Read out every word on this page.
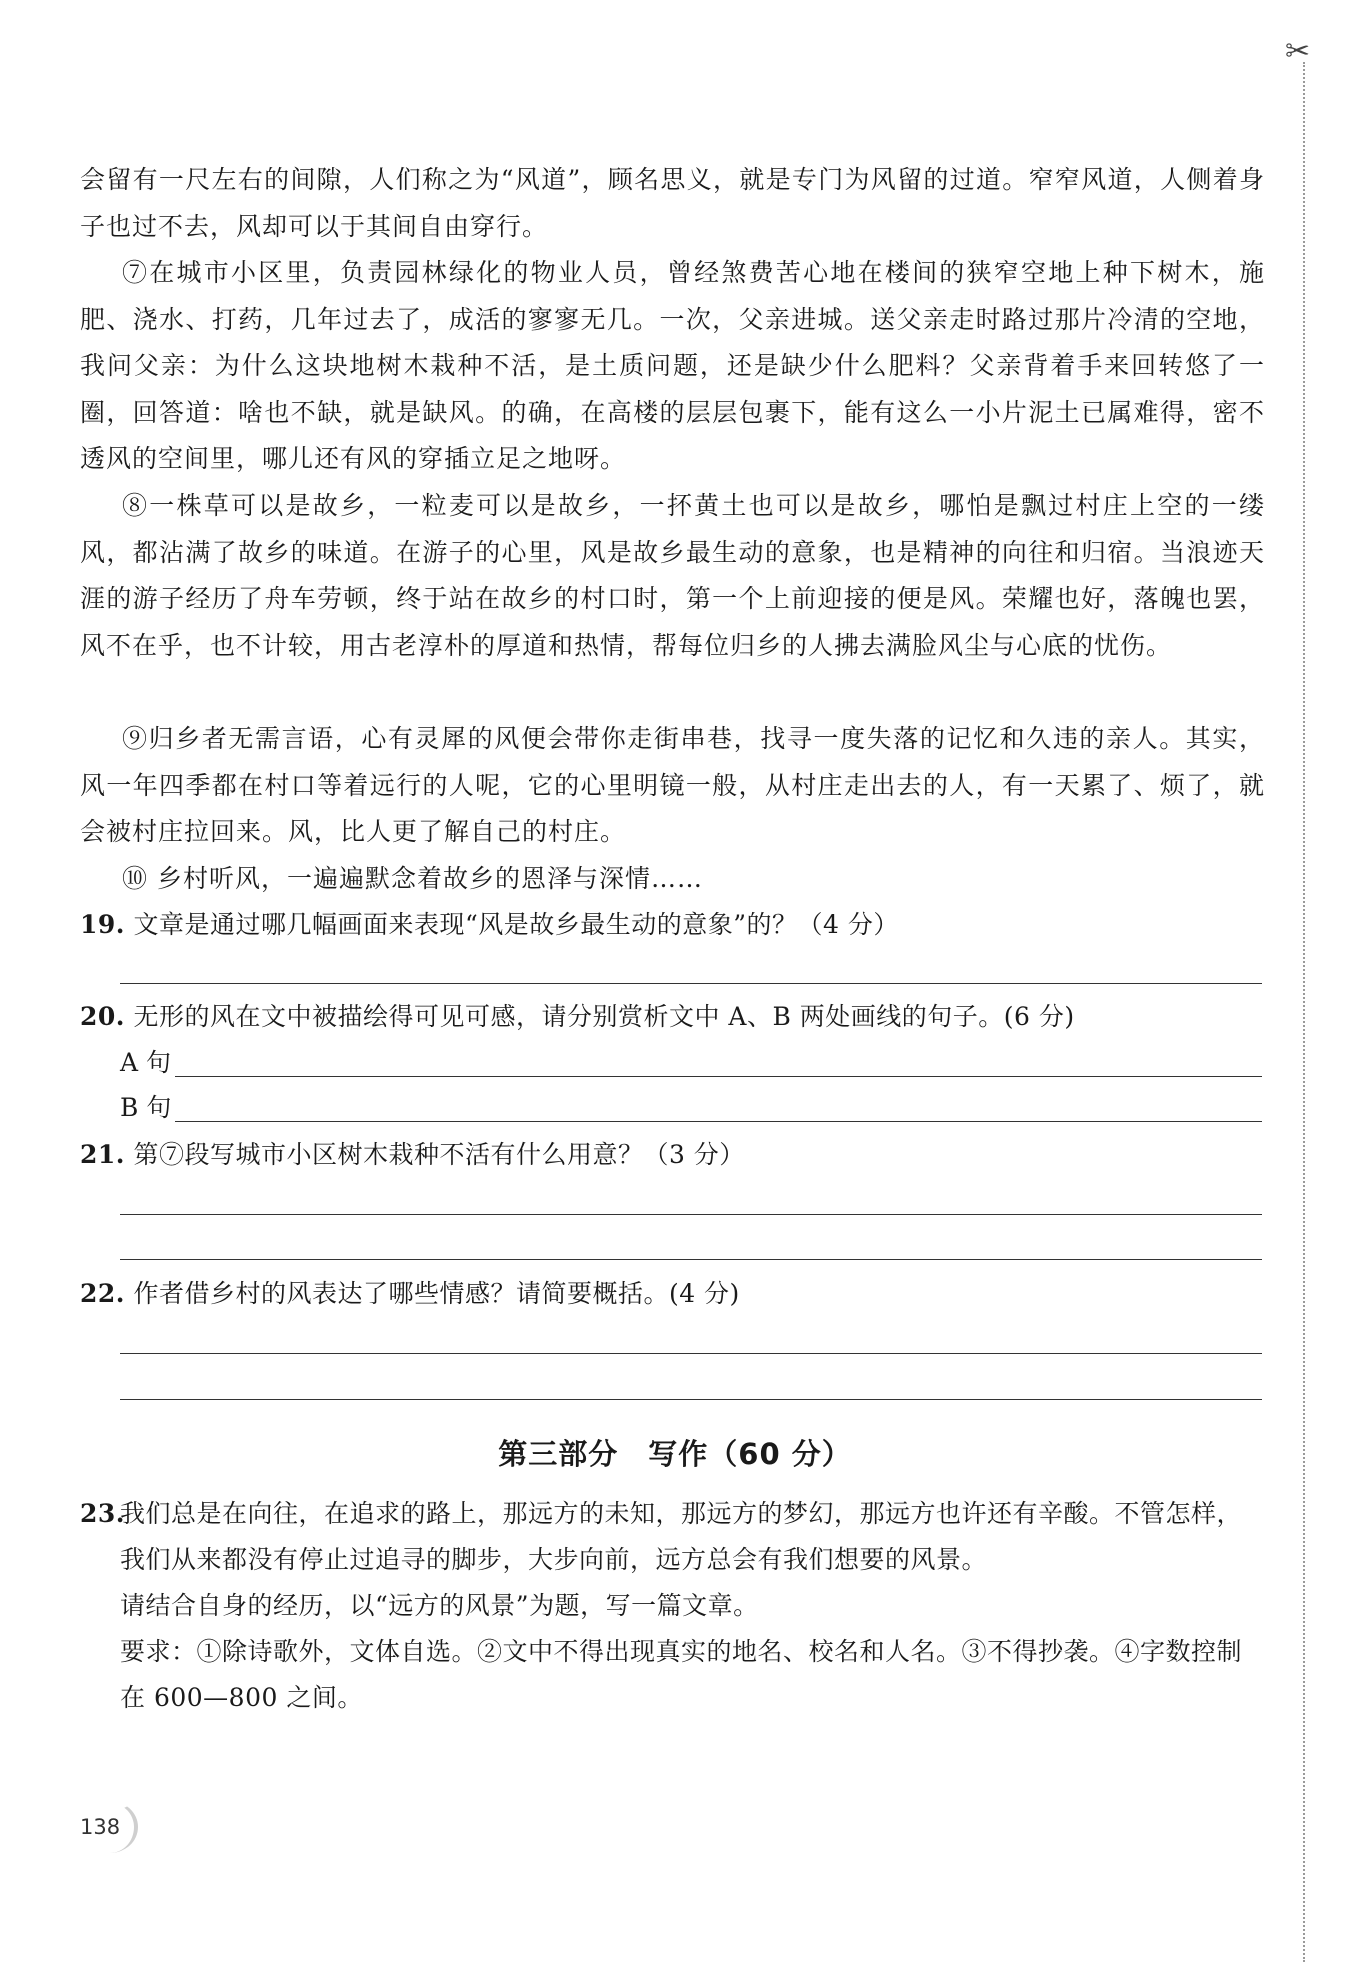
✂

会留有一尺左右的间隙，人们称之为“风道”，顾名思义，就是专门为风留的过道。窄窄风道，人侧着身子也过不去，风却可以于其间自由穿行。

⑦在城市小区里，负责园林绿化的物业人员，曾经煞费苦心地在楼间的狭窄空地上种下树木，施肥、浇水、打药，几年过去了，成活的寥寥无几。一次，父亲进城。送父亲走时路过那片冷清的空地，我问父亲：为什么这块地树木栽种不活，是土质问题，还是缺少什么肥料？父亲背着手来回转悠了一圈，回答道：啥也不缺，就是缺风。的确，在高楼的层层包裹下，能有这么一小片泥土已属难得，密不透风的空间里，哪儿还有风的穿插立足之地呀。

⑧一株草可以是故乡，一粒麦可以是故乡，一抔黄土也可以是故乡，哪怕是飘过村庄上空的一缕风，都沾满了故乡的味道。在游子的心里，风是故乡最生动的意象，也是精神的向往和归宿。当浪迹天涯的游子经历了舟车劳顿，终于站在故乡的村口时，第一个上前迎接的便是风。荣耀也好，落魄也罢，风不在乎，也不计较，用古老淳朴的厚道和热情，帮每位归乡的人拂去满脸风尘与心底的忧伤。

⑨归乡者无需言语，心有灵犀的风便会带你走街串巷，找寻一度失落的记忆和久违的亲人。其实，风一年四季都在村口等着远行的人呢，它的心里明镜一般，从村庄走出去的人，有一天累了、烦了，就会被村庄拉回来。风，比人更了解自己的村庄。

⑩ 乡村听风，一遍遍默念着故乡的恩泽与深情……

19. 文章是通过哪几幅画面来表现“风是故乡最生动的意象”的？（4 分）

20. 无形的风在文中被描绘得可见可感，请分别赏析文中 A、B 两处画线的句子。(6 分)

A 句
B 句

21. 第⑦段写城市小区树木栽种不活有什么用意？（3 分）

22. 作者借乡村的风表达了哪些情感？请简要概括。(4 分)

第三部分　写作（60 分）
23.
我们总是在向往，在追求的路上，那远方的未知，那远方的梦幻，那远方也许还有辛酸。不管怎样，我们从来都没有停止过追寻的脚步，大步向前，远方总会有我们想要的风景。
请结合自身的经历，以“远方的风景”为题，写一篇文章。
要求：①除诗歌外，文体自选。②文中不得出现真实的地名、校名和人名。③不得抄袭。④字数控制在 600—800 之间。
138
